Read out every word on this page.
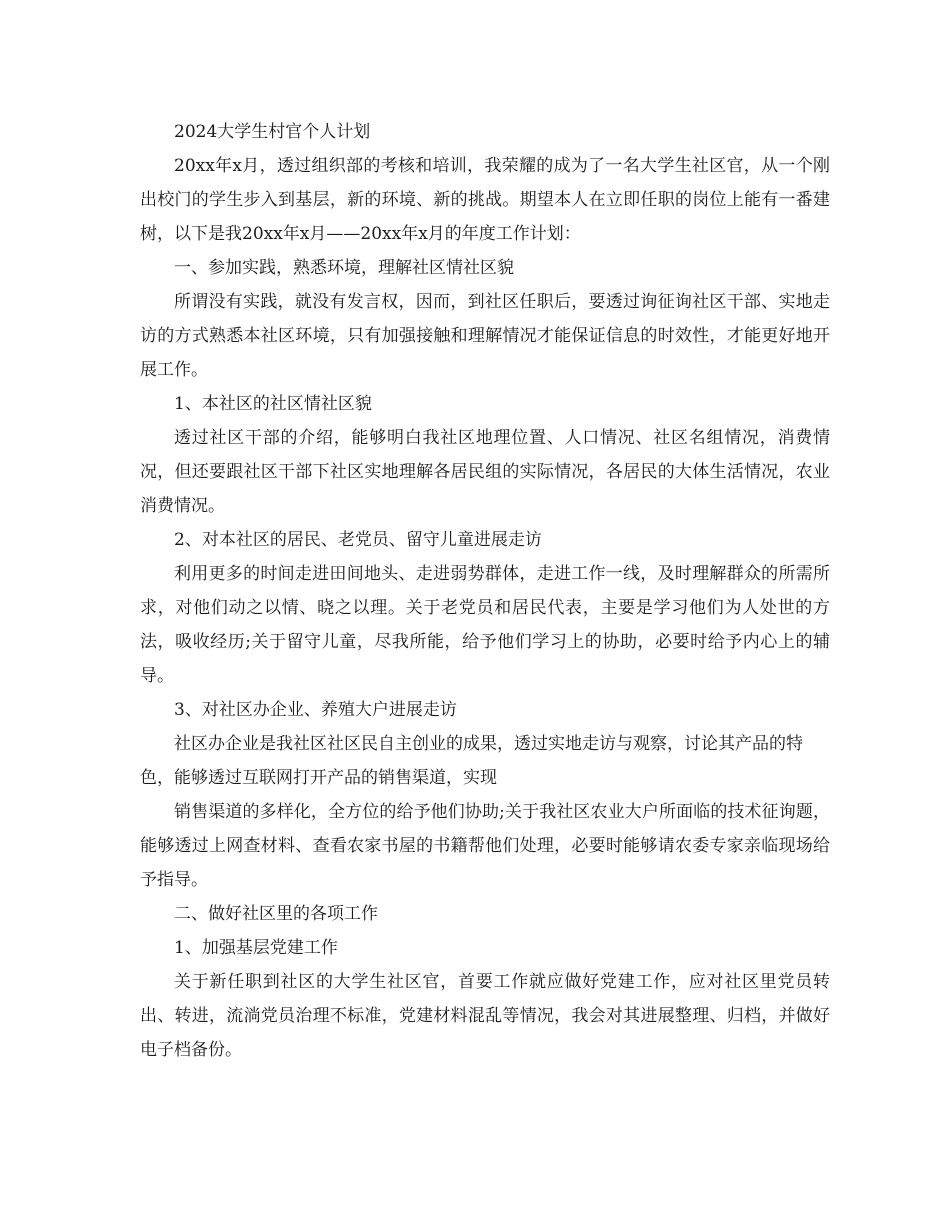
2024大学生村官个人计划

20xx年x月，透过组织部的考核和培训，我荣耀的成为了一名大学生社区官，从一个刚出校门的学生步入到基层，新的环境、新的挑战。期望本人在立即任职的岗位上能有一番建树，以下是我20xx年x月——20xx年x月的年度工作计划：

一、参加实践，熟悉环境，理解社区情社区貌

所谓没有实践，就没有发言权，因而，到社区任职后，要透过询征询社区干部、实地走访的方式熟悉本社区环境，只有加强接触和理解情况才能保证信息的时效性，才能更好地开展工作。

1、本社区的社区情社区貌

透过社区干部的介绍，能够明白我社区地理位置、人口情况、社区名组情况，消费情况，但还要跟社区干部下社区实地理解各居民组的实际情况，各居民的大体生活情况，农业消费情况。

2、对本社区的居民、老党员、留守儿童进展走访

利用更多的时间走进田间地头、走进弱势群体，走进工作一线，及时理解群众的所需所求，对他们动之以情、晓之以理。关于老党员和居民代表，主要是学习他们为人处世的方法，吸收经历;关于留守儿童，尽我所能，给予他们学习上的协助，必要时给予内心上的辅导。

3、对社区办企业、养殖大户进展走访

社区办企业是我社区社区民自主创业的成果，透过实地走访与观察，讨论其产品的特色，能够透过互联网打开产品的销售渠道，实现

销售渠道的多样化，全方位的给予他们协助;关于我社区农业大户所面临的技术征询题，能够透过上网查材料、查看农家书屋的书籍帮他们处理，必要时能够请农委专家亲临现场给予指导。

二、做好社区里的各项工作

1、加强基层党建工作

关于新任职到社区的大学生社区官，首要工作就应做好党建工作，应对社区里党员转出、转进，流淌党员治理不标准，党建材料混乱等情况，我会对其进展整理、归档，并做好电子档备份。
